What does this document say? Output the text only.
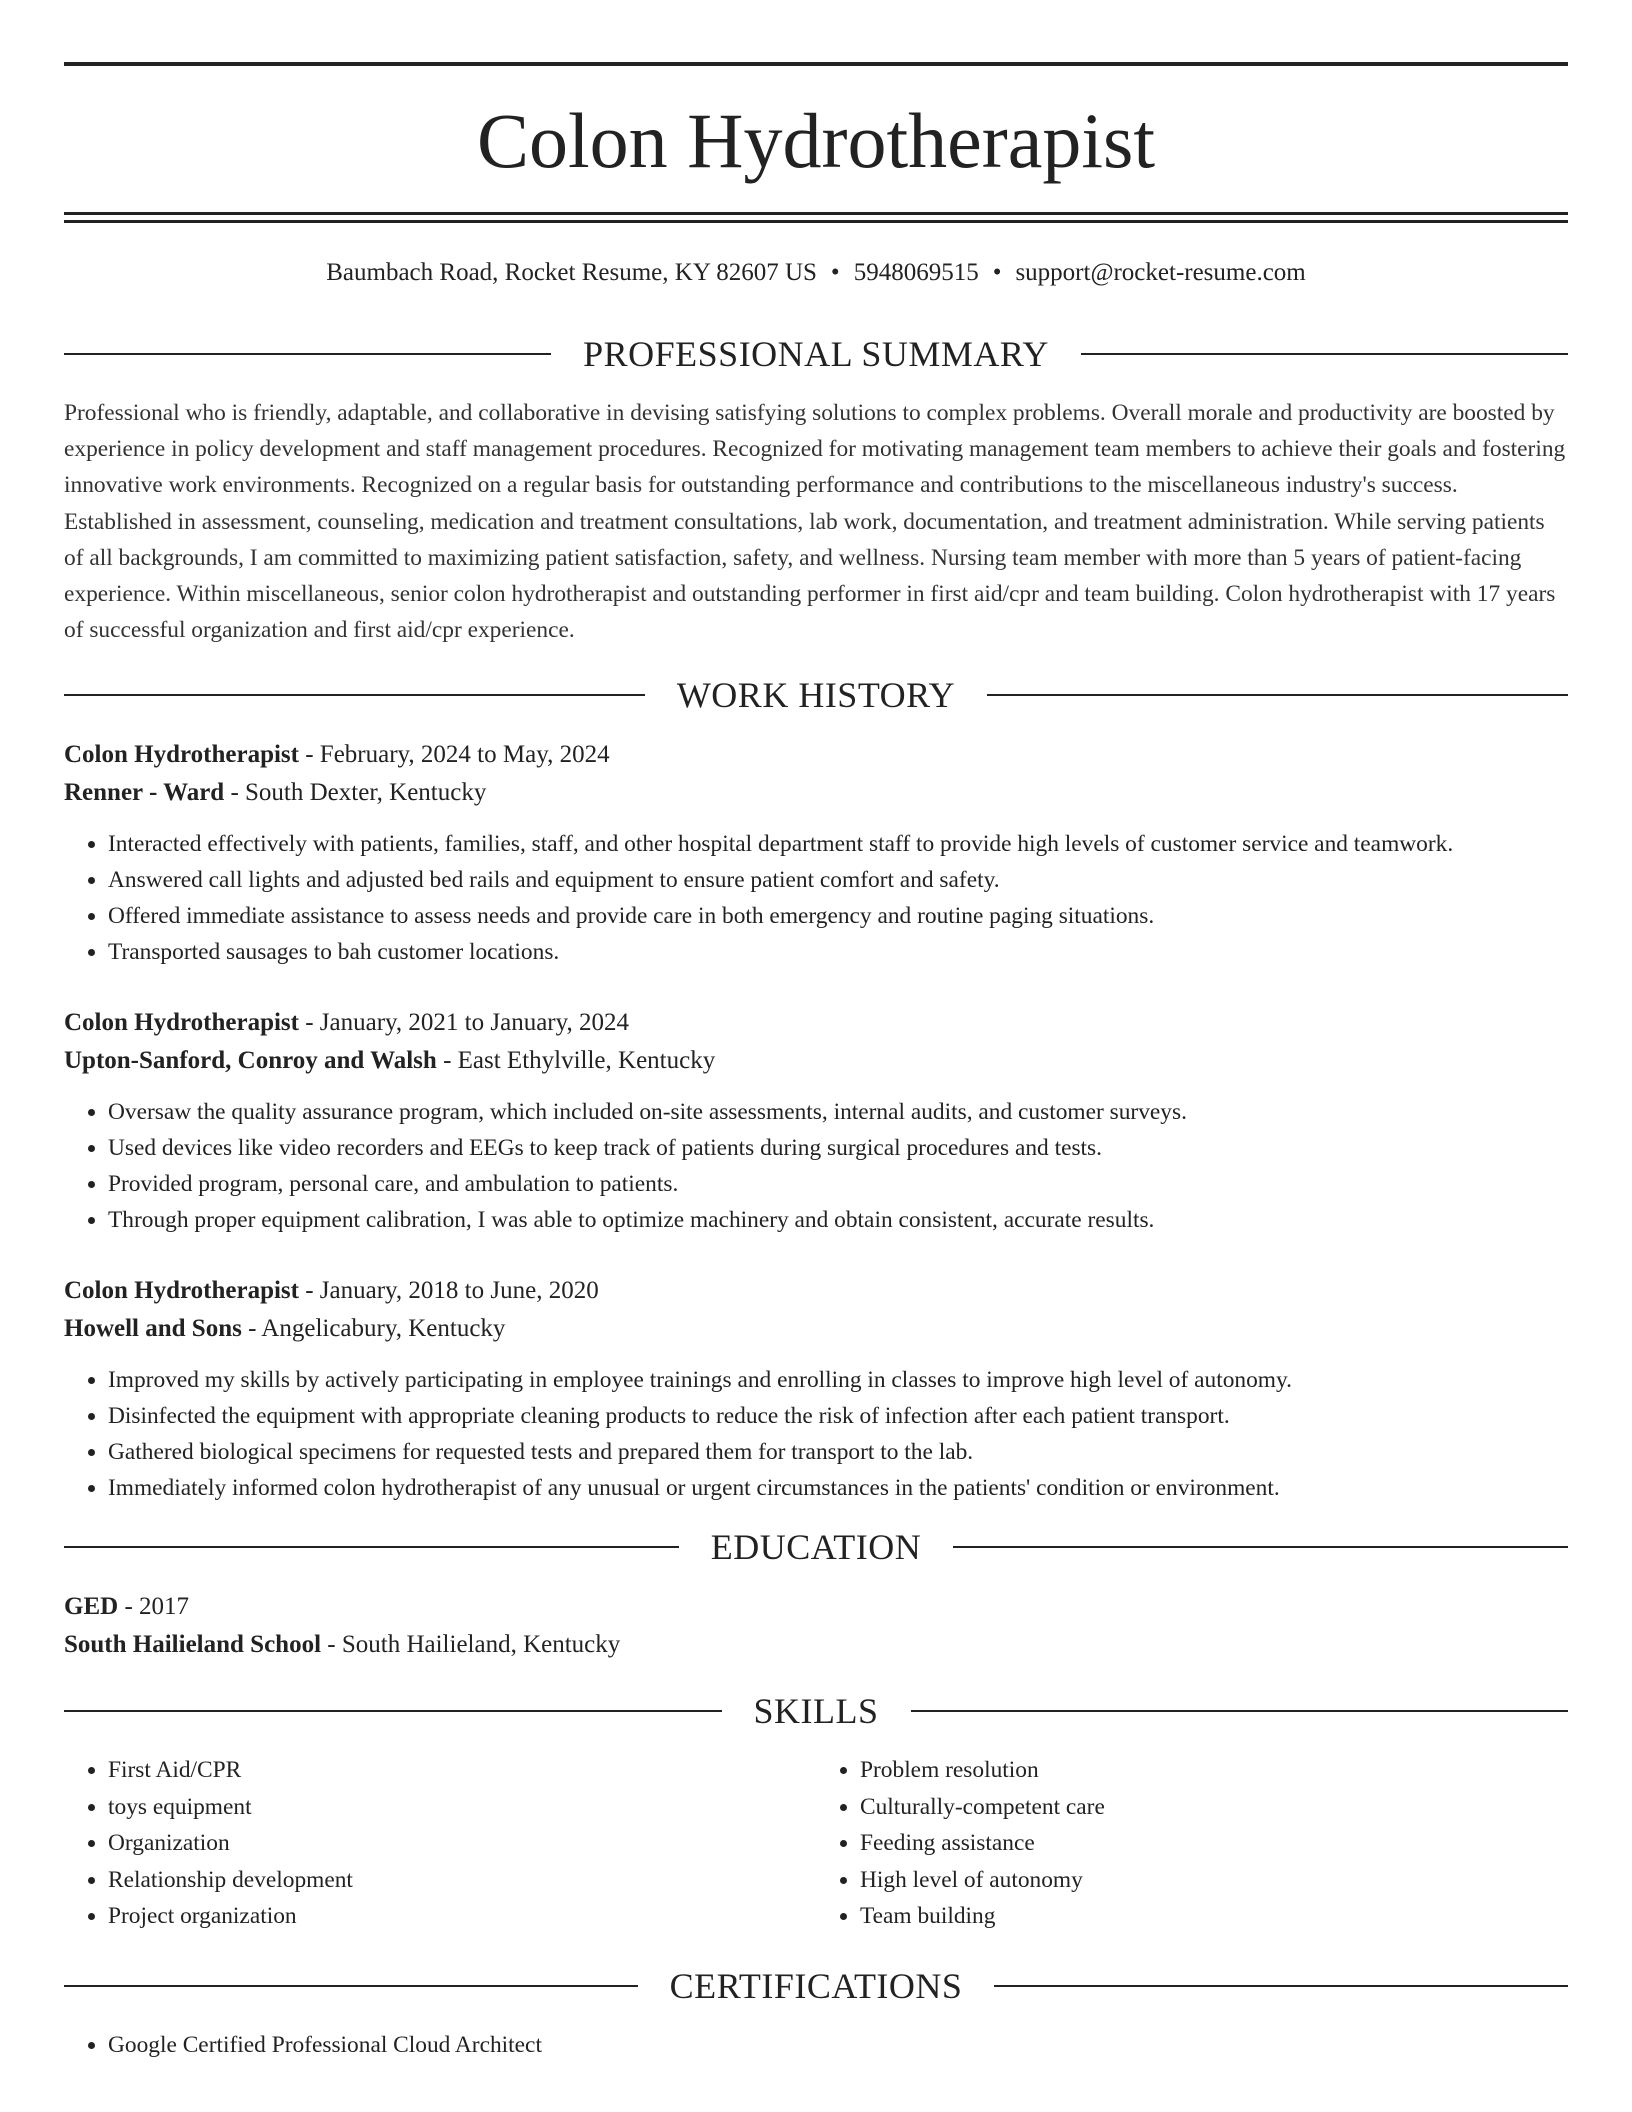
Colon Hydrotherapist
Baumbach Road, Rocket Resume, KY 82607 US • 5948069515 • support@rocket-resume.com
PROFESSIONAL SUMMARY

Professional who is friendly, adaptable, and collaborative in devising satisfying solutions to complex problems. Overall morale and productivity are boosted by experience in policy development and staff management procedures. Recognized for motivating management team members to achieve their goals and fostering innovative work environments. Recognized on a regular basis for outstanding performance and contributions to the miscellaneous industry's success. Established in assessment, counseling, medication and treatment consultations, lab work, documentation, and treatment administration. While serving patients of all backgrounds, I am committed to maximizing patient satisfaction, safety, and wellness. Nursing team member with more than 5 years of patient-facing experience. Within miscellaneous, senior colon hydrotherapist and outstanding performer in first aid/cpr and team building. Colon hydrotherapist with 17 years of successful organization and first aid/cpr experience.

WORK HISTORY
Colon Hydrotherapist - February, 2024 to May, 2024
Renner - Ward - South Dexter, Kentucky
• Interacted effectively with patients, families, staff, and other hospital department staff to provide high levels of customer service and teamwork.
• Answered call lights and adjusted bed rails and equipment to ensure patient comfort and safety.
• Offered immediate assistance to assess needs and provide care in both emergency and routine paging situations.
• Transported sausages to bah customer locations.
Colon Hydrotherapist - January, 2021 to January, 2024
Upton-Sanford, Conroy and Walsh - East Ethylville, Kentucky
• Oversaw the quality assurance program, which included on-site assessments, internal audits, and customer surveys.
• Used devices like video recorders and EEGs to keep track of patients during surgical procedures and tests.
• Provided program, personal care, and ambulation to patients.
• Through proper equipment calibration, I was able to optimize machinery and obtain consistent, accurate results.
Colon Hydrotherapist - January, 2018 to June, 2020
Howell and Sons - Angelicabury, Kentucky
• Improved my skills by actively participating in employee trainings and enrolling in classes to improve high level of autonomy.
• Disinfected the equipment with appropriate cleaning products to reduce the risk of infection after each patient transport.
• Gathered biological specimens for requested tests and prepared them for transport to the lab.
• Immediately informed colon hydrotherapist of any unusual or urgent circumstances in the patients' condition or environment.
EDUCATION
GED - 2017
South Hailieland School - South Hailieland, Kentucky
SKILLS
• First Aid/CPR
• toys equipment
• Organization
• Relationship development
• Project organization
• Problem resolution
• Culturally-competent care
• Feeding assistance
• High level of autonomy
• Team building
CERTIFICATIONS
• Google Certified Professional Cloud Architect
